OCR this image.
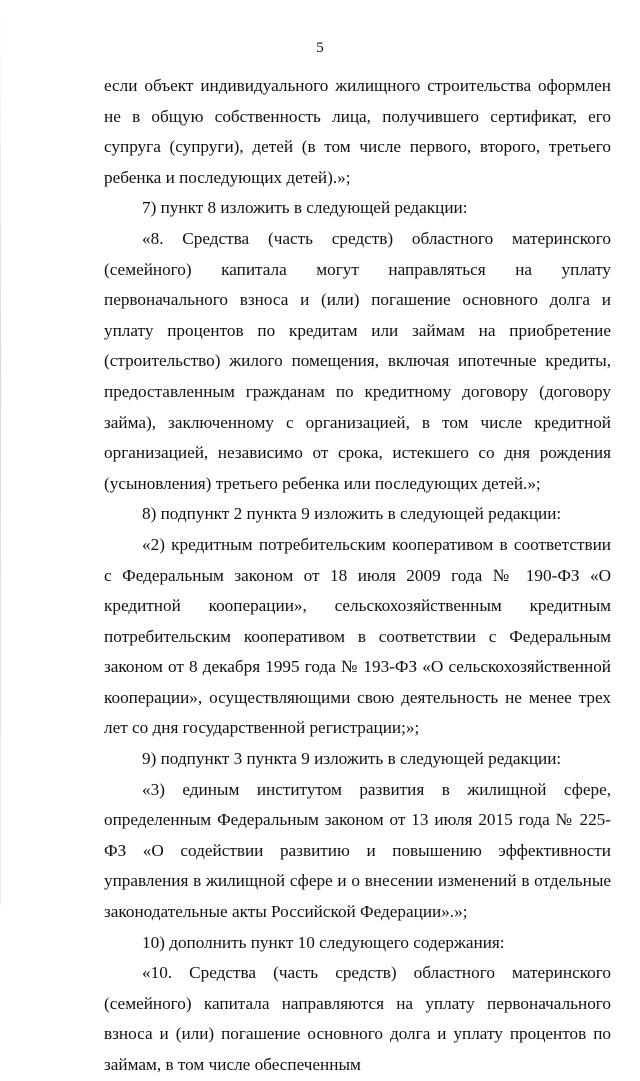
5

если объект индивидуального жилищного строительства оформлен не в общую собственность лица, получившего сертификат, его супруга (супруги), детей (в том числе первого, второго, третьего ребенка и последующих детей).»;

7) пункт 8 изложить в следующей редакции:

«8. Средства (часть средств) областного материнского (семейного) капитала могут направляться на уплату первоначального взноса и (или) погашение основного долга и уплату процентов по кредитам или займам на приобретение (строительство) жилого помещения, включая ипотечные кредиты, предоставленным гражданам по кредитному договору (договору займа), заключенному с организацией, в том числе кредитной организацией, независимо от срока, истекшего со дня рождения (усыновления) третьего ребенка или последующих детей.»;

8) подпункт 2 пункта 9 изложить в следующей редакции:

«2) кредитным потребительским кооперативом в соответствии с Федеральным законом от 18 июля 2009 года № 190-ФЗ «О кредитной кооперации», сельскохозяйственным кредитным потребительским кооперативом в соответствии с Федеральным законом от 8 декабря 1995 года № 193-ФЗ «О сельскохозяйственной кооперации», осуществляющими свою деятельность не менее трех лет со дня государственной регистрации;»;

9) подпункт 3 пункта 9 изложить в следующей редакции:

«3) единым институтом развития в жилищной сфере, определенным Федеральным законом от 13 июля 2015 года № 225-ФЗ «О содействии развитию и повышению эффективности управления в жилищной сфере и о внесении изменений в отдельные законодательные акты Российской Федерации».»;

10) дополнить пункт 10 следующего содержания:

«10. Средства (часть средств) областного материнского (семейного) капитала направляются на уплату первоначального взноса и (или) погашение основного долга и уплату процентов по займам, в том числе обеспеченным
